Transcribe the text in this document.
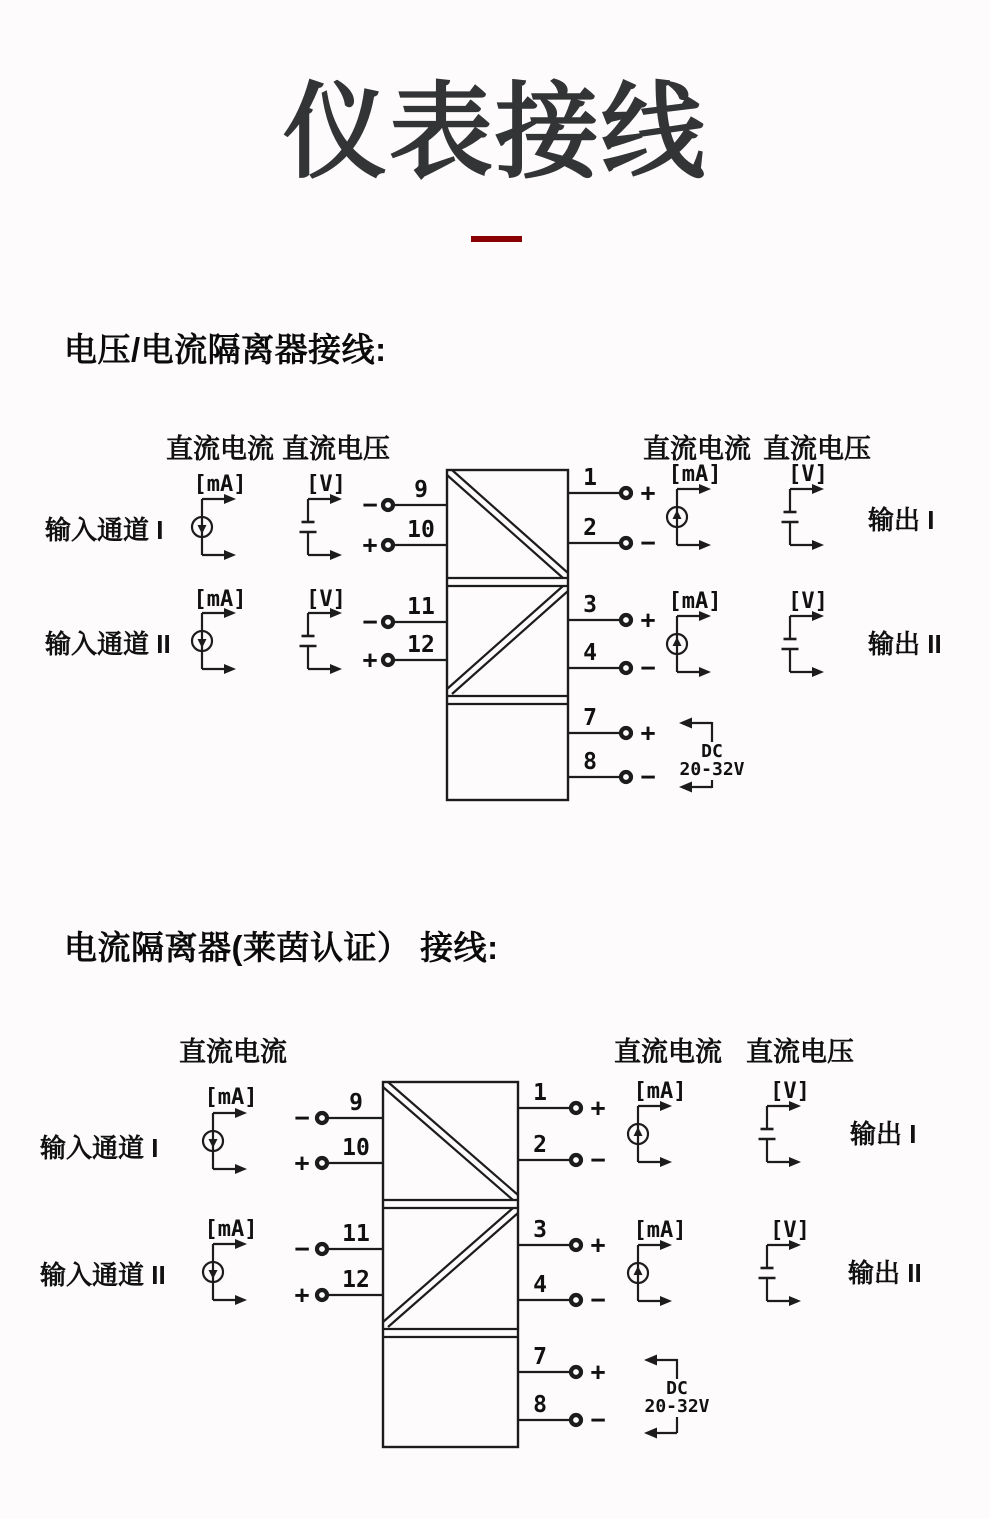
仪表接线
电压/电流隔离器接线:
直流电流 直流电压	直流电流 直流电压
输入通道 I
[mA]	[V]
输入通道 II
[mA]	[V]
− 9
+ 10
− 11
+ 12
+
1
−
2
+
3
−
4
+
7
−
8
[mA]	[V]
输出 I
[mA]	[V]
输出 II
DC
20-32V
电流隔离器(莱茵认证） 接线:
直流电流	直流电流 直流电压
输入通道 I
[mA]
输入通道 II
[mA]
− 9
+ 10
− 11
+ 12
+
1
−
2
+
3
−
4
+
7
−
8
[mA]	[V]
输出 I
[mA]	[V]
输出 II
DC
20-32V
